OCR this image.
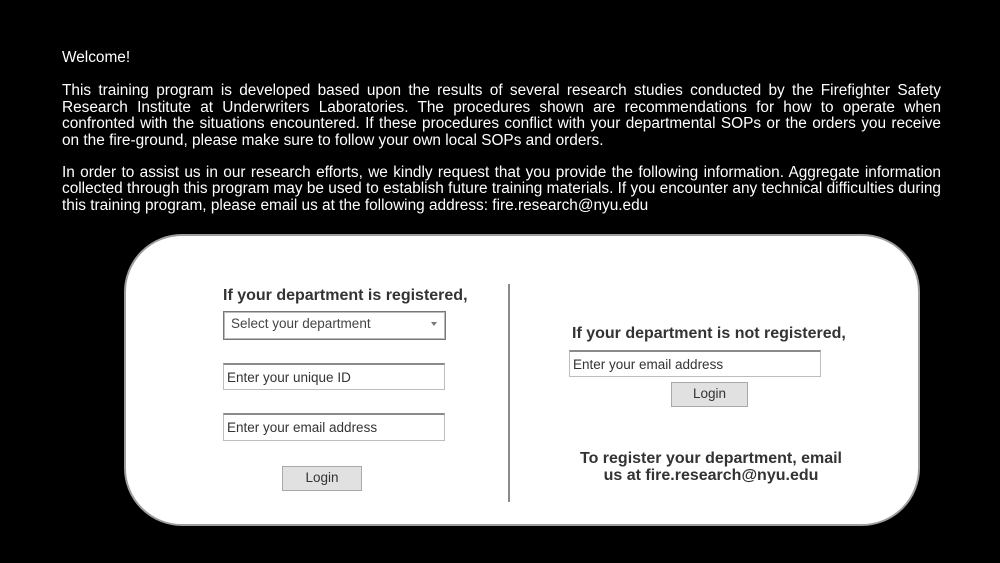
Welcome!

This training program is developed based upon the results of several research studies conducted by the Firefighter Safety Research Institute at Underwriters Laboratories. The procedures shown are recommendations for how to operate when confronted with the situations encountered. If these procedures conflict with your departmental SOPs or the orders you receive on the fire-ground, please make sure to follow your own local SOPs and orders.

In order to assist us in our research efforts, we kindly request that you provide the following information. Aggregate information collected through this program may be used to establish future training materials. If you encounter any technical difficulties during this training program, please email us at the following address: fire.research@nyu.edu

If your department is registered,
Select your department
Enter your unique ID
Enter your email address
Login
If your department is not registered,
Enter your email address
Login
To register your department, email
us at fire.research@nyu.edu
